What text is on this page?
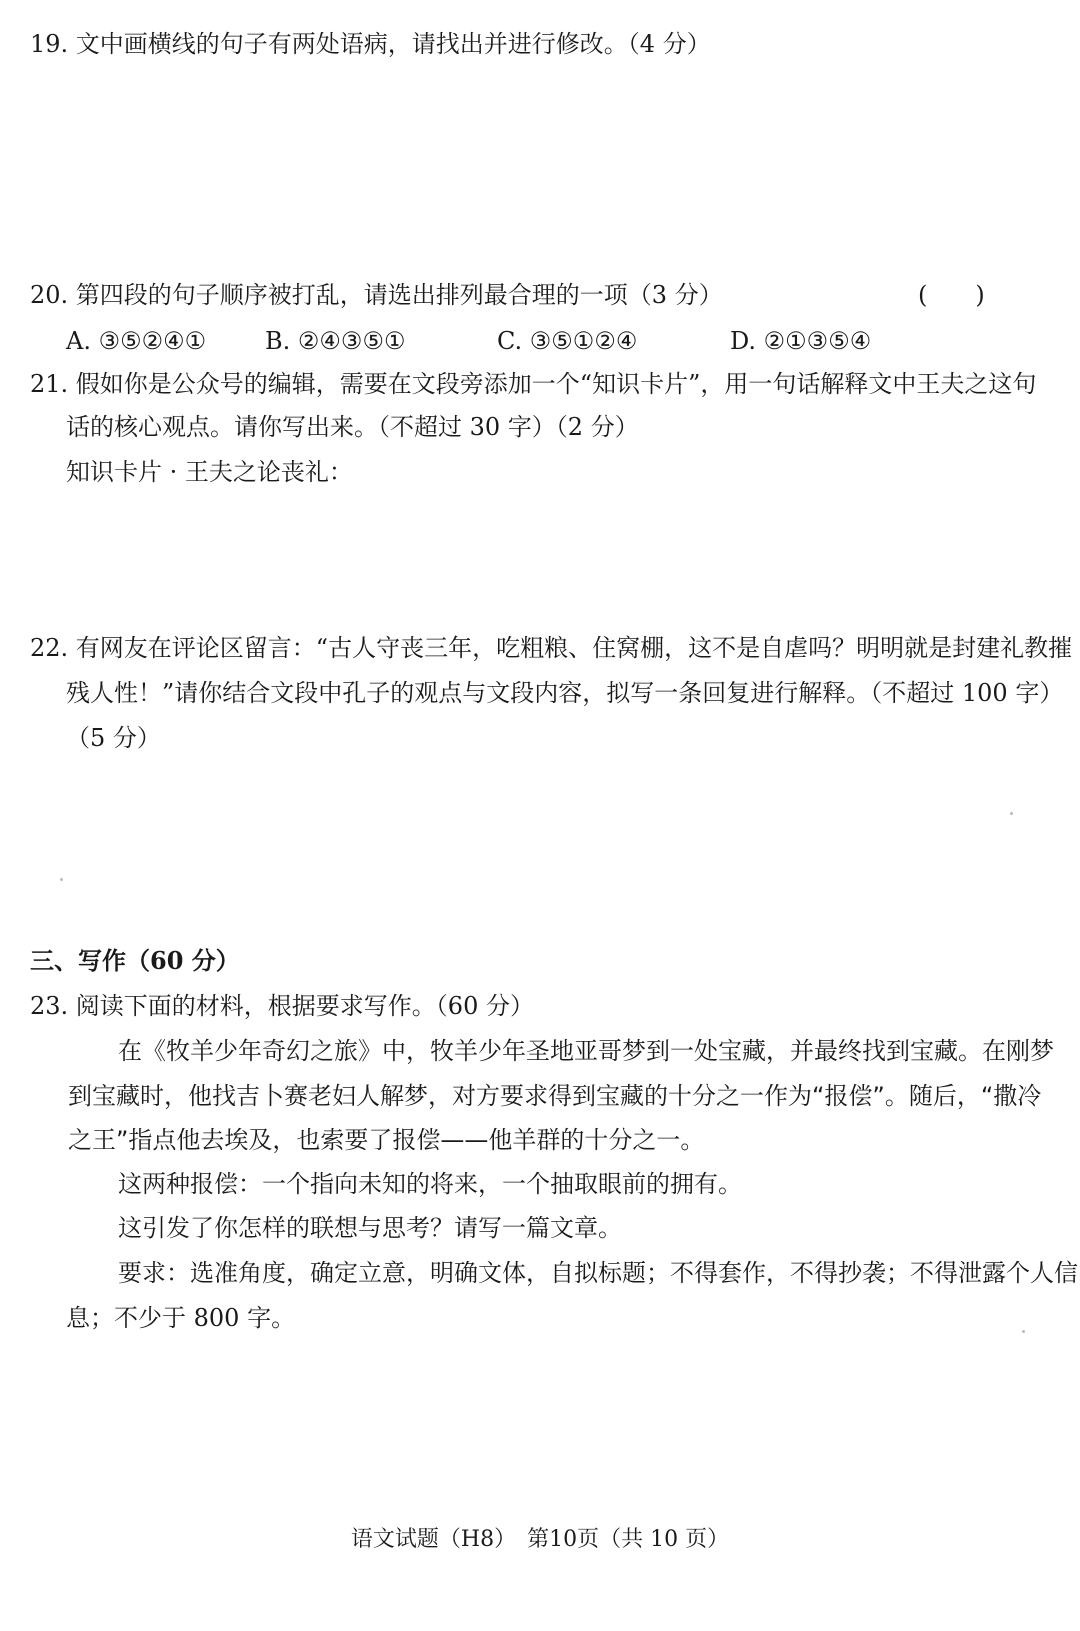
19. 文中画横线的句子有两处语病，请找出并进行修改。（4 分）
20. 第四段的句子顺序被打乱，请选出排列最合理的一项（3 分）	(　　)
A. ③⑤②④① B. ②④③⑤①	C. ③⑤①②④	D. ②①③⑤④
21. 假如你是公众号的编辑，需要在文段旁添加一个“知识卡片”，用一句话解释文中王夫之这句
话的核心观点。请你写出来。（不超过 30 字）（2 分）
知识卡片 · 王夫之论丧礼：
22. 有网友在评论区留言：“古人守丧三年，吃粗粮、住窝棚，这不是自虐吗？明明就是封建礼教摧
残人性！”请你结合文段中孔子的观点与文段内容，拟写一条回复进行解释。（不超过 100 字）
（5 分）
三、写作（60 分）
23. 阅读下面的材料，根据要求写作。（60 分）
在《牧羊少年奇幻之旅》中，牧羊少年圣地亚哥梦到一处宝藏，并最终找到宝藏。在刚梦
到宝藏时，他找吉卜赛老妇人解梦，对方要求得到宝藏的十分之一作为“报偿”。随后，“撒冷
之王”指点他去埃及，也索要了报偿——他羊群的十分之一。
这两种报偿：一个指向未知的将来，一个抽取眼前的拥有。
这引发了你怎样的联想与思考？请写一篇文章。
要求：选准角度，确定立意，明确文体，自拟标题；不得套作，不得抄袭；不得泄露个人信
息；不少于 800 字。
语文试题（H8）　第10页（共 10 页）
